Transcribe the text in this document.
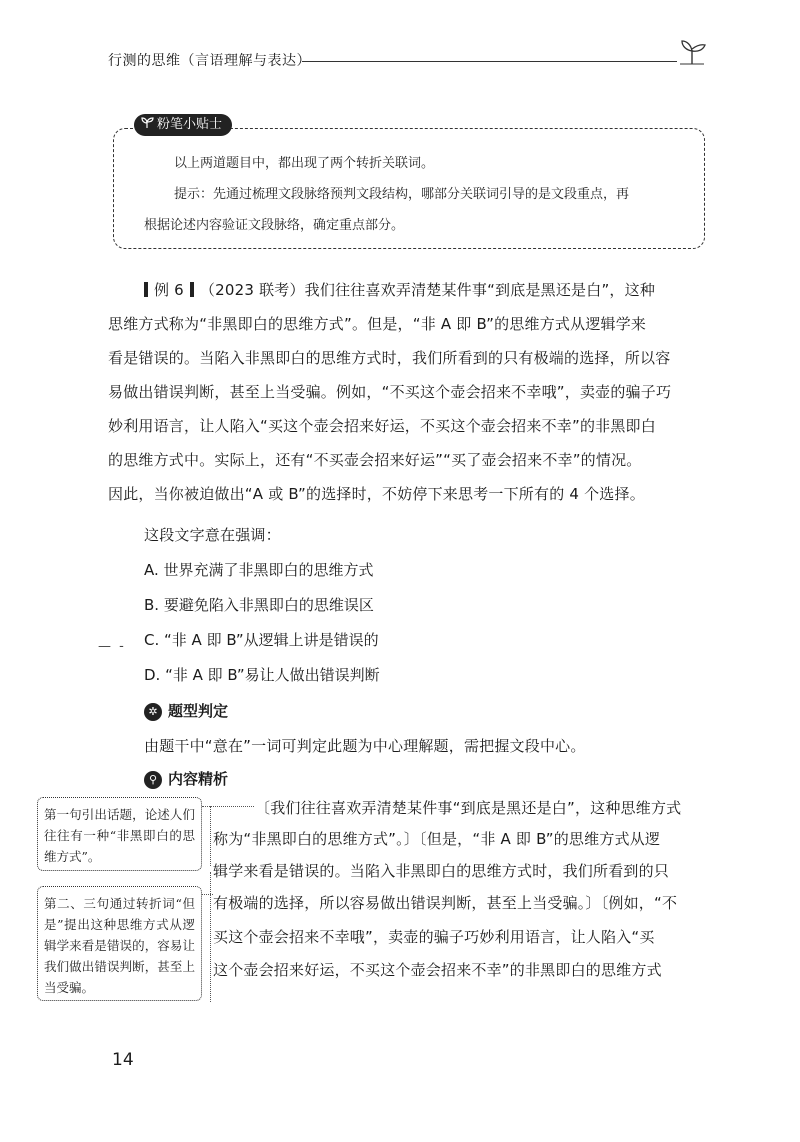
行测的思维（言语理解与表达）
粉笔小贴士
以上两道题目中，都出现了两个转折关联词。
提示：先通过梳理文段脉络预判文段结构，哪部分关联词引导的是文段重点，再
根据论述内容验证文段脉络，确定重点部分。
例 6 （2023 联考）我们往往喜欢弄清楚某件事“到底是黑还是白”，这种
思维方式称为“非黑即白的思维方式”。但是，“非 A 即 B”的思维方式从逻辑学来
看是错误的。当陷入非黑即白的思维方式时，我们所看到的只有极端的选择，所以容
易做出错误判断，甚至上当受骗。例如，“不买这个壶会招来不幸哦”，卖壶的骗子巧
妙利用语言，让人陷入“买这个壶会招来好运，不买这个壶会招来不幸”的非黑即白
的思维方式中。实际上，还有“不买壶会招来好运”“买了壶会招来不幸”的情况。
因此，当你被迫做出“A 或 B”的选择时，不妨停下来思考一下所有的 4 个选择。
这段文字意在强调：
A. 世界充满了非黑即白的思维方式
B. 要避免陷入非黑即白的思维误区
— ‐ C. “非 A 即 B”从逻辑上讲是错误的
D. “非 A 即 B”易让人做出错误判断
✲ 题型判定
由题干中“意在”一词可判定此题为中心理解题，需把握文段中心。
⚲ 内容精析
〔我们往往喜欢弄清楚某件事“到底是黑还是白”，这种思维方式
称为“非黑即白的思维方式”。〕〔但是，“非 A 即 B”的思维方式从逻
辑学来看是错误的。当陷入非黑即白的思维方式时，我们所看到的只
有极端的选择，所以容易做出错误判断，甚至上当受骗。〕〔例如，“不
买这个壶会招来不幸哦”，卖壶的骗子巧妙利用语言，让人陷入“买
这个壶会招来好运，不买这个壶会招来不幸”的非黑即白的思维方式
第一句引出话题，论述人们往往有一种“非黑即白的思维方式”。
第二、三句通过转折词“但是”提出这种思维方式从逻辑学来看是错误的，容易让我们做出错误判断，甚至上当受骗。
14
